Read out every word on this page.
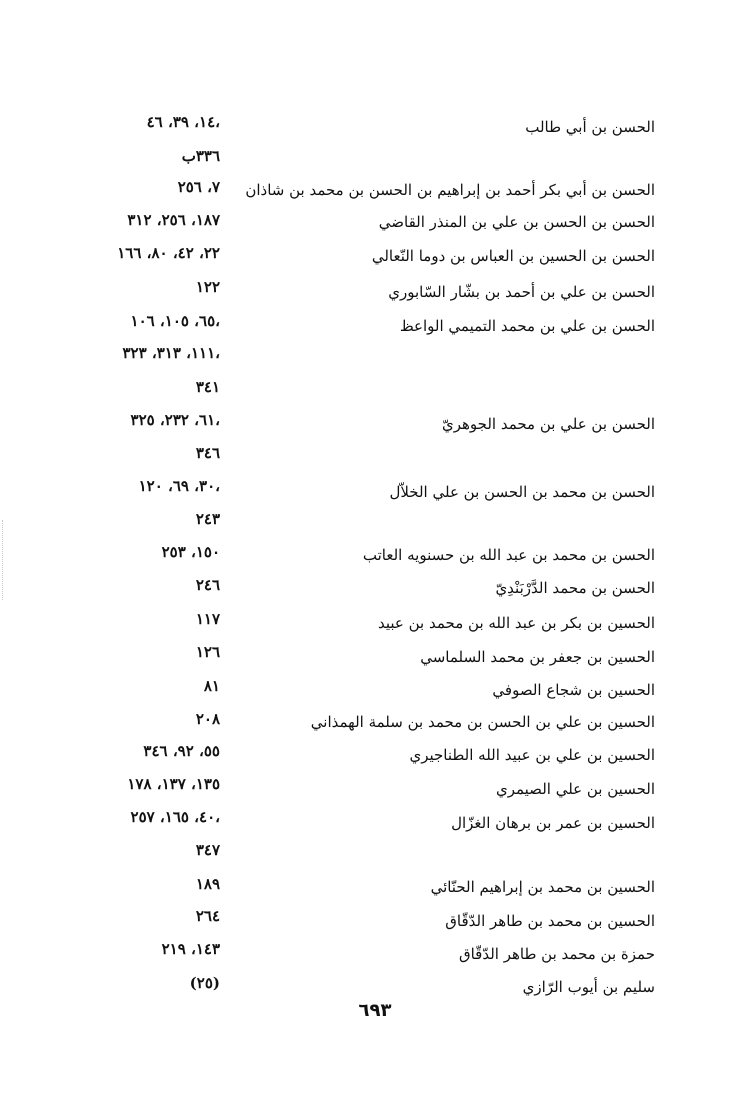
الحسن بن أبي طالب
١٤، ٣٩، ٤٦،
٣٣٦ب
الحسن بن أبي بكر أحمد بن إبراهيم بن الحسن بن محمد بن شاذان
٧، ٢٥٦
الحسن بن الحسن بن علي بن المنذر القاضي
١٨٧، ٢٥٦، ٣١٢
الحسن بن الحسين بن العباس بن دوما النّعالي
٢٢، ٤٢، ٨٠، ١٦٦
الحسن بن علي بن أحمد بن بشّار السّابوري
١٢٢
الحسن بن علي بن محمد التميمي الواعظ
٦٥، ١٠٥، ١٠٦،
١١١، ٣١٣، ٣٢٣،
٣٤١
الحسن بن علي بن محمد الجوهريّ
٦١، ٢٣٢، ٣٢٥،
٣٤٦
الحسن بن محمد بن الحسن بن علي الخلاّل
٣٠، ٦٩، ١٢٠،
٢٤٣
الحسن بن محمد بن عبد الله بن حسنويه العاتب
١٥٠، ٢٥٣
الحسن بن محمد الدَّرْبَنْدِيّ
٢٤٦
الحسين بن بكر بن عبد الله بن محمد بن عبيد
١١٧
الحسين بن جعفر بن محمد السلماسي
١٢٦
الحسين بن شجاع الصوفي
٨١
الحسين بن علي بن الحسن بن محمد بن سلمة الهمذاني
٢٠٨
الحسين بن علي بن عبيد الله الطناجيري
٥٥، ٩٢، ٣٤٦
الحسين بن علي الصيمري
١٣٥، ١٣٧، ١٧٨
الحسين بن عمر بن برهان الغزّال
٤٠، ١٦٥، ٢٥٧،
٣٤٧
الحسين بن محمد بن إبراهيم الحنّائي
١٨٩
الحسين بن محمد بن طاهر الدّقّاق
٢٦٤
حمزة بن محمد بن طاهر الدّقّاق
١٤٣، ٢١٩
سليم بن أيوب الرّازي
(٢٥)
٦٩٣
